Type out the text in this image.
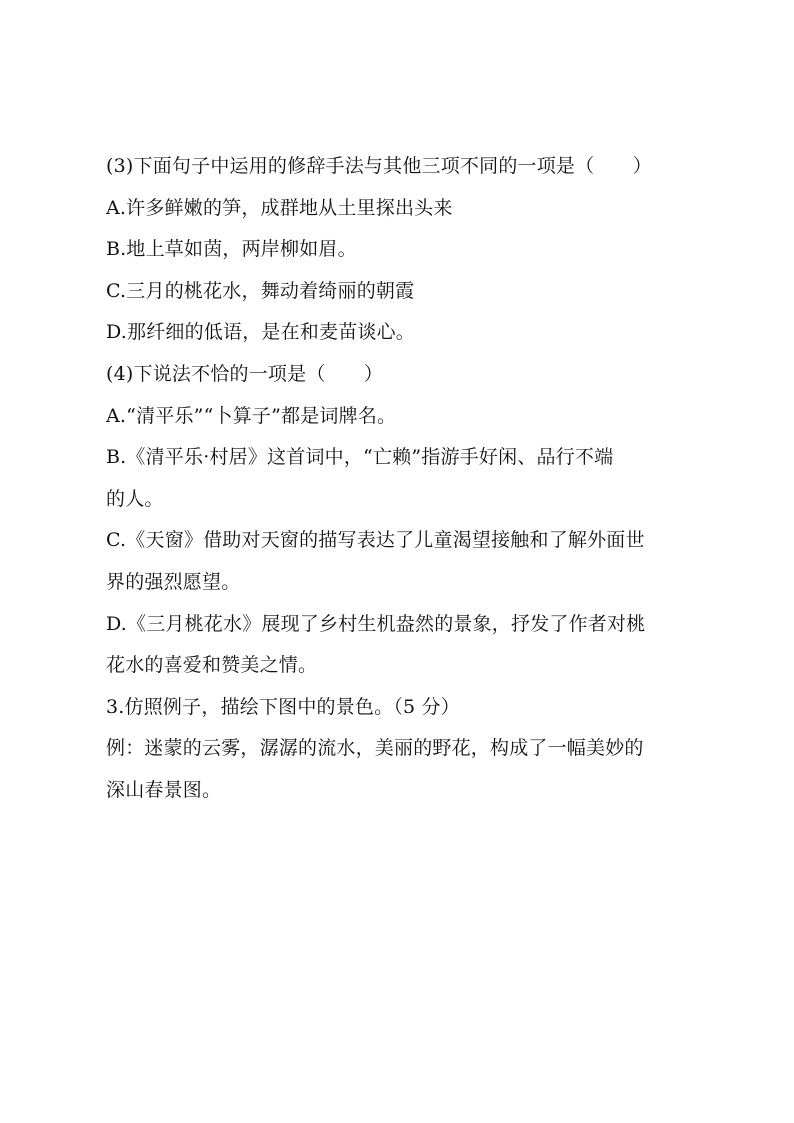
(3)下面句子中运用的修辞手法与其他三项不同的一项是（　　）
A.许多鲜嫩的笋，成群地从土里探出头来
B.地上草如茵，两岸柳如眉。
C.三月的桃花水，舞动着绮丽的朝霞
D.那纤细的低语，是在和麦苗谈心。
(4)下说法不恰的一项是（　　）
A.“清平乐”“卜算子”都是词牌名。
B.《清平乐·村居》这首词中，“亡赖”指游手好闲、品行不端
的人。
C.《天窗》借助对天窗的描写表达了儿童渴望接触和了解外面世
界的强烈愿望。
D.《三月桃花水》展现了乡村生机盎然的景象，抒发了作者对桃
花水的喜爱和赞美之情。
3.仿照例子，描绘下图中的景色。（5 分）
例：迷蒙的云雾，潺潺的流水，美丽的野花，构成了一幅美妙的
深山春景图。
